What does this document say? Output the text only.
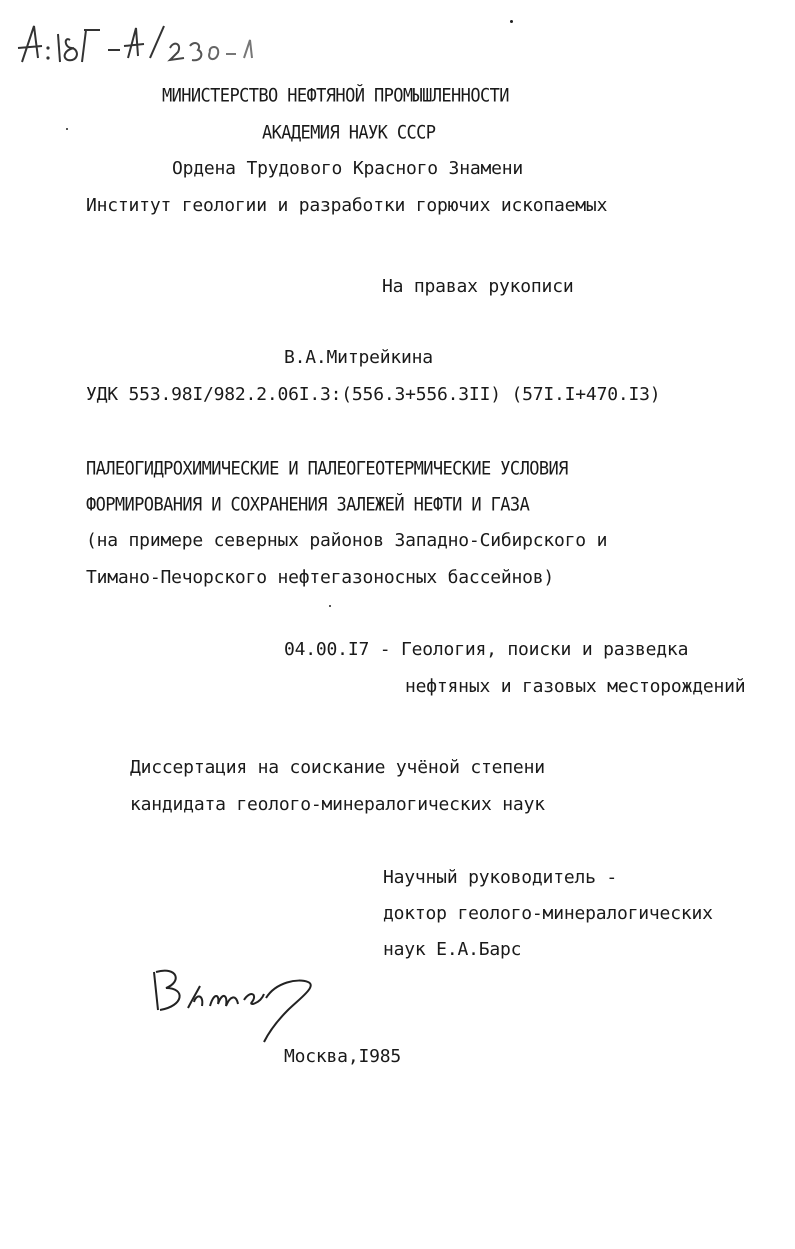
МИНИСТЕРСТВО НЕФТЯНОЙ ПРОМЫШЛЕННОСТИ
АКАДЕМИЯ НАУК СССР
Ордена Трудового Красного Знамени
Институт геологии и разработки горючих ископаемых
На правах рукописи
В.А.Митрейкина
УДК 553.98I/982.2.06I.3:(556.3+556.3II) (57I.I+470.I3)
ПАЛЕОГИДРОХИМИЧЕСКИЕ И ПАЛЕОГЕОТЕРМИЧЕСКИЕ УСЛОВИЯ
ФОРМИРОВАНИЯ И СОХРАНЕНИЯ ЗАЛЕЖЕЙ НЕФТИ И ГАЗА
(на примере северных районов Западно-Сибирского и
Тимано-Печорского нефтегазоносных бассейнов)
04.00.I7 - Геология, поиски и разведка
нефтяных и газовых месторождений
Диссертация на соискание учёной степени
кандидата геолого-минералогических наук
Научный руководитель -
доктор геолого-минералогических
наук Е.А.Барс
Москва,I985
